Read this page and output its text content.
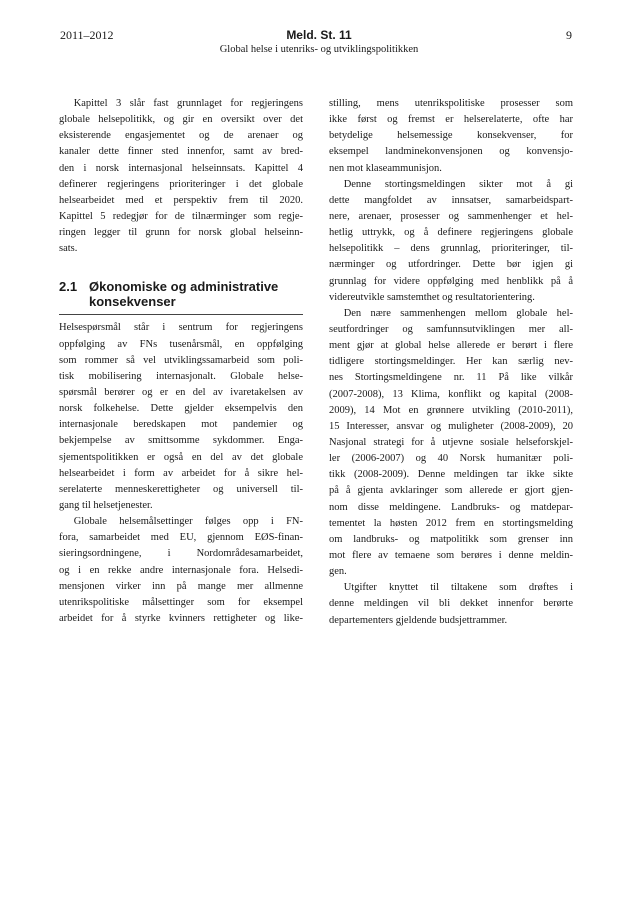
2011–2012	Meld. St. 11
Global helse i utenriks- og utviklingspolitikken
9
Kapittel 3 slår fast grunnlaget for regjeringens
globale helsepolitikk, og gir en oversikt over det
eksisterende engasjementet og de arenaer og
kanaler dette finner sted innenfor, samt av bred-
den i norsk internasjonal helseinnsats. Kapittel 4
definerer regjeringens prioriteringer i det globale
helsearbeidet med et perspektiv frem til 2020.
Kapittel 5 redegjør for de tilnærminger som regje-
ringen legger til grunn for norsk global helseinn-
sats.
2.1 Økonomiske og administrative
konsekvenser
Helsespørsmål står i sentrum for regjeringens
oppfølging av FNs tusenårsmål, en oppfølging
som rommer så vel utviklingssamarbeid som poli-
tisk mobilisering internasjonalt. Globale helse-
spørsmål berører og er en del av ivaretakelsen av
norsk folkehelse. Dette gjelder eksempelvis den
internasjonale beredskapen mot pandemier og
bekjempelse av smittsomme sykdommer. Enga-
sjementspolitikken er også en del av det globale
helsearbeidet i form av arbeidet for å sikre hel-
serelaterte menneskerettigheter og universell til-
gang til helsetjenester.
Globale helsemålsettinger følges opp i FN-
fora, samarbeidet med EU, gjennom EØS-finan-
sieringsordningene, i Nordområdesamarbeidet,
og i en rekke andre internasjonale fora. Helsedi-
mensjonen virker inn på mange mer allmenne
utenrikspolitiske målsettinger som for eksempel
arbeidet for å styrke kvinners rettigheter og like-
stilling, mens utenrikspolitiske prosesser som
ikke først og fremst er helserelaterte, ofte har
betydelige helsemessige konsekvenser, for
eksempel landminekonvensjonen og konvensjo-
nen mot klaseammunisjon.
Denne stortingsmeldingen sikter mot å gi
dette mangfoldet av innsatser, samarbeidspart-
nere, arenaer, prosesser og sammenhenger et hel-
hetlig uttrykk, og å definere regjeringens globale
helsepolitikk – dens grunnlag, prioriteringer, til-
nærminger og utfordringer. Dette bør igjen gi
grunnlag for videre oppfølging med henblikk på å
videreutvikle samstemthet og resultatorientering.
Den nære sammenhengen mellom globale hel-
seutfordringer og samfunnsutviklingen mer all-
ment gjør at global helse allerede er berørt i flere
tidligere stortingsmeldinger. Her kan særlig nev-
nes Stortingsmeldingene nr. 11 På like vilkår
(2007-2008), 13 Klima, konflikt og kapital (2008-
2009), 14 Mot en grønnere utvikling (2010-2011),
15 Interesser, ansvar og muligheter (2008-2009), 20
Nasjonal strategi for å utjevne sosiale helseforskjel-
ler (2006-2007) og 40 Norsk humanitær poli-
tikk (2008-2009). Denne meldingen tar ikke sikte
på å gjenta avklaringer som allerede er gjort gjen-
nom disse meldingene. Landbruks- og matdepar-
tementet la høsten 2012 frem en stortingsmelding
om landbruks- og matpolitikk som grenser inn
mot flere av temaene som berøres i denne meldin-
gen.
Utgifter knyttet til tiltakene som drøftes i
denne meldingen vil bli dekket innenfor berørte
departementers gjeldende budsjettrammer.
